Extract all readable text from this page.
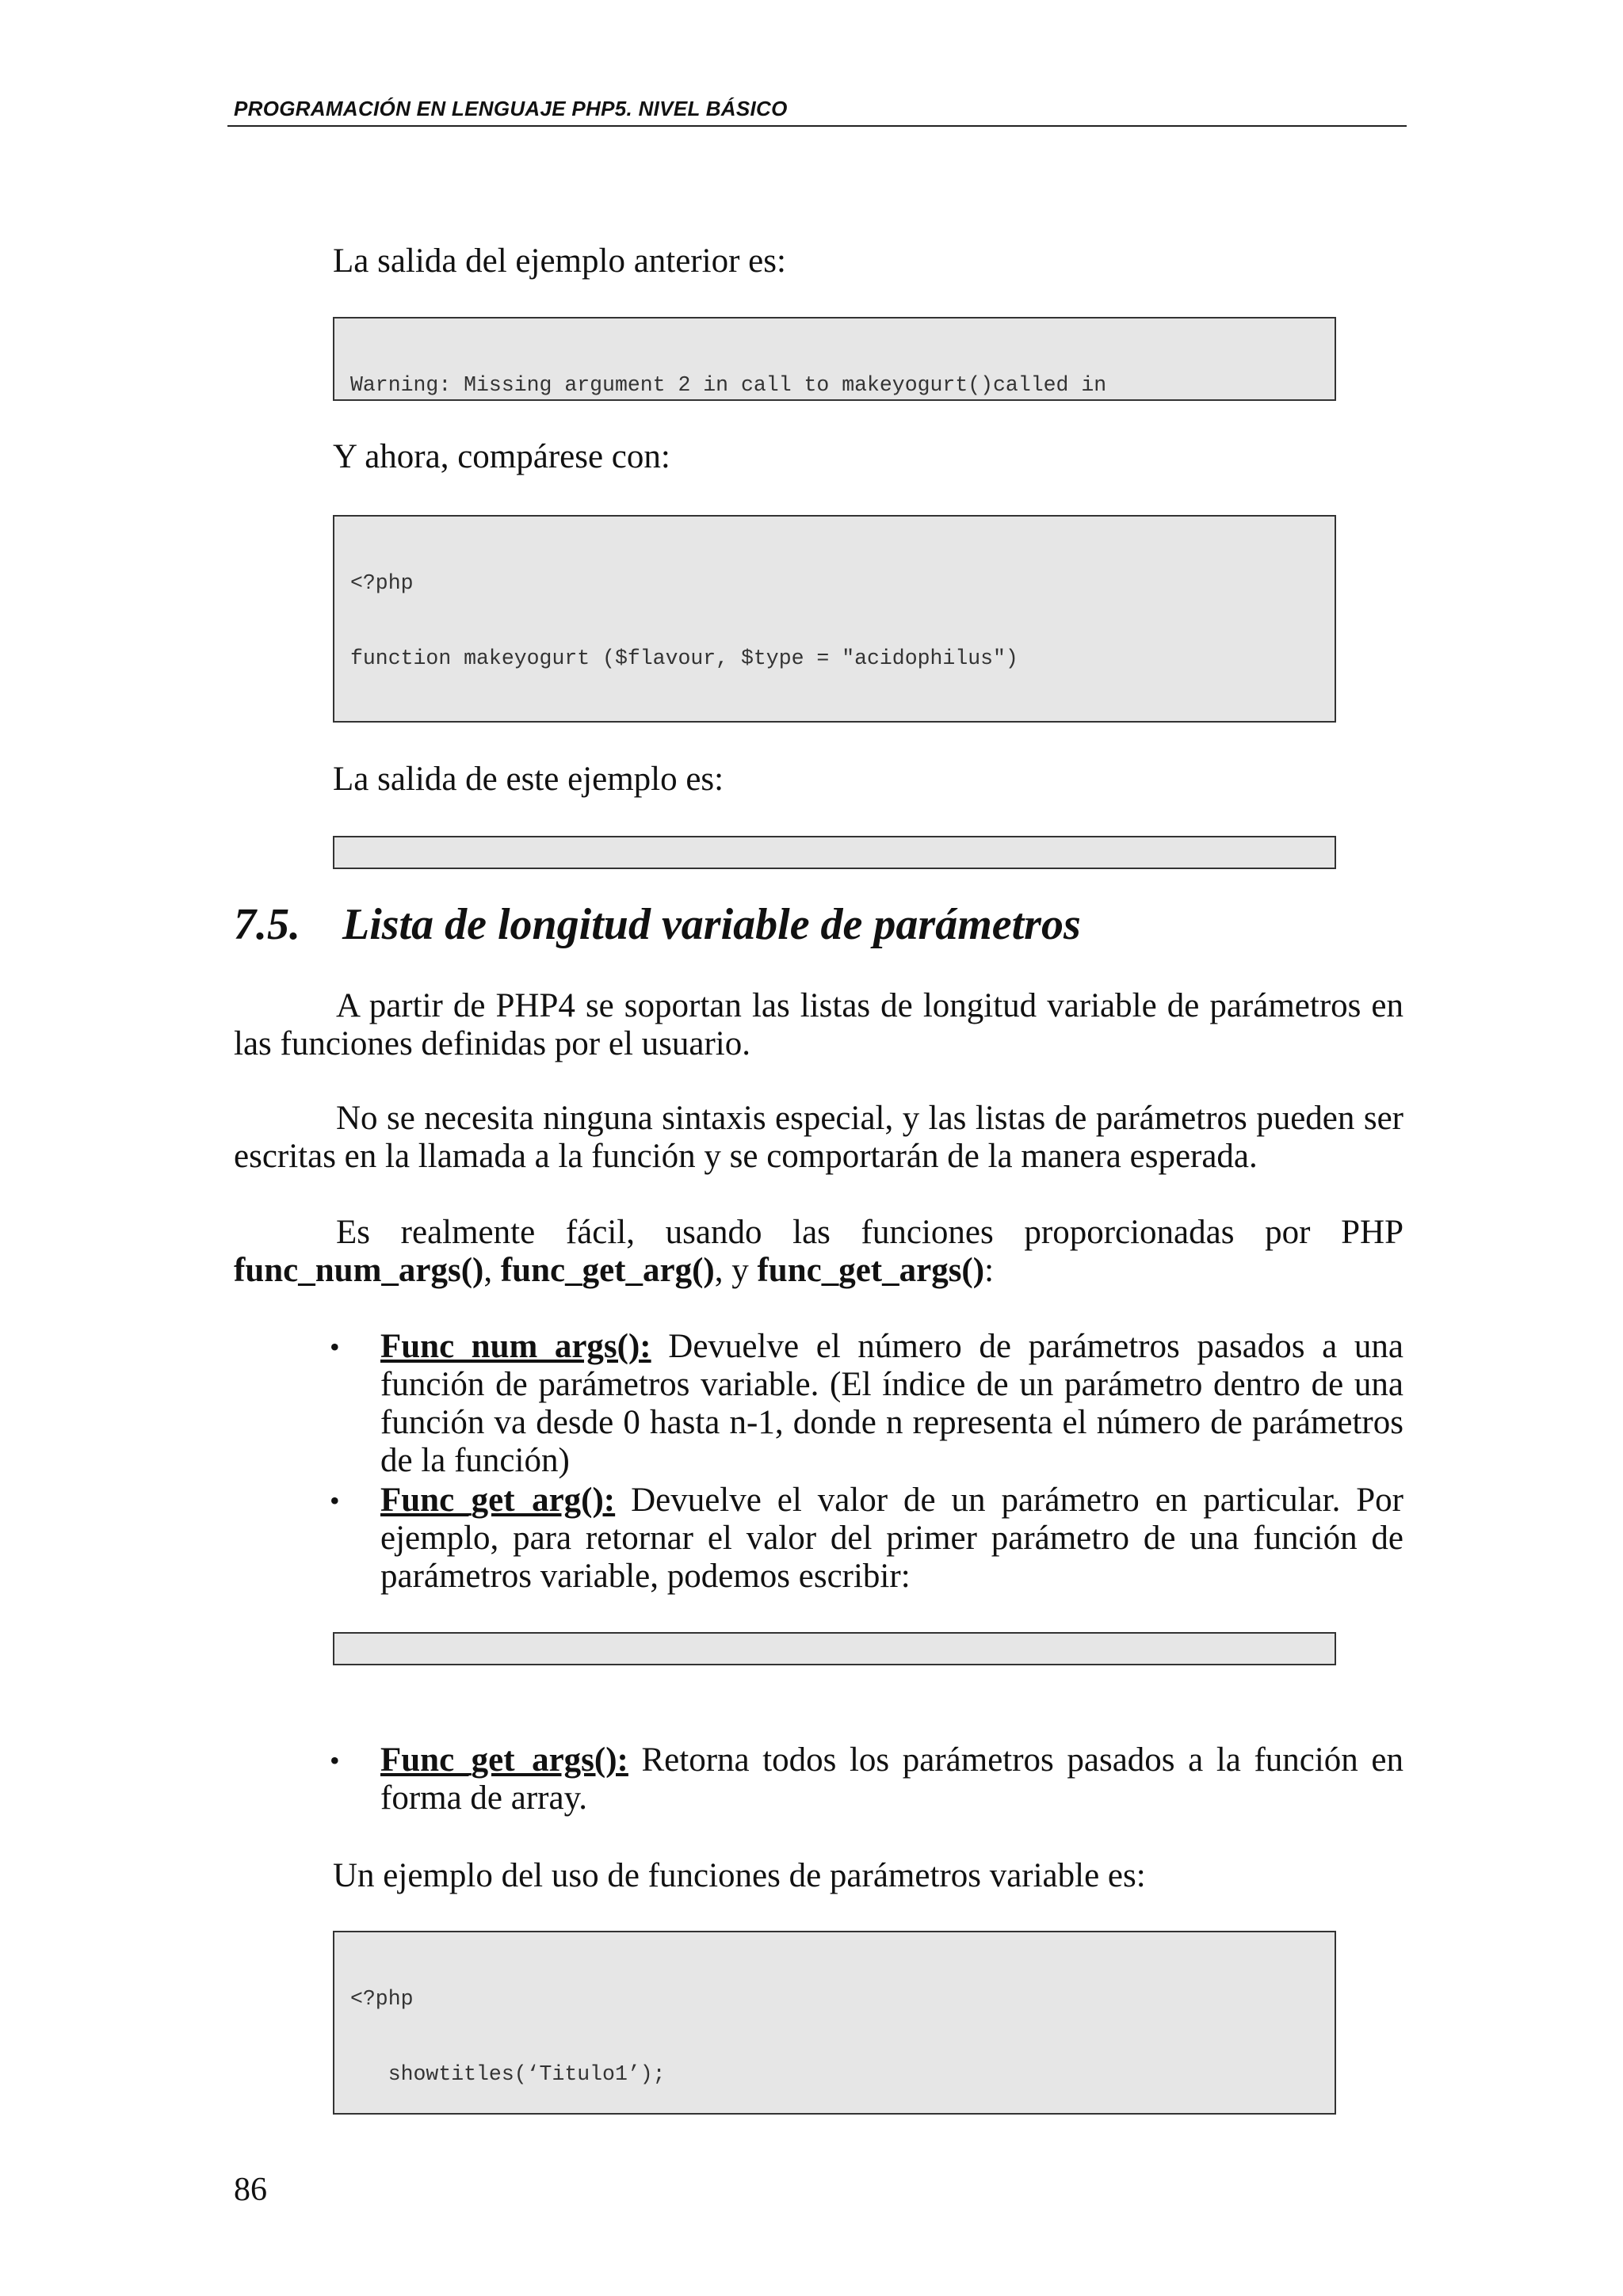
PROGRAMACIÓN EN LENGUAJE PHP5. NIVEL BÁSICO
La salida del ejemplo anterior es:

Warning: Missing argument 2 in call to makeyogurt()called in

Y ahora, compárese con:

<?php

function makeyogurt ($flavour, $type = "acidophilus")

La salida de este ejemplo es:

7.5. Lista de longitud variable de parámetros
A partir de PHP4 se soportan las listas de longitud variable de parámetros en las funciones definidas por el usuario.
No se necesita ninguna sintaxis especial, y las listas de parámetros pueden ser escritas en la llamada a la función y se comportarán de la manera esperada.
Es realmente fácil, usando las funciones proporcionadas por PHP
func_num_args(), func_get_arg(), y func_get_args():
•	Func_num_args(): Devuelve el número de parámetros pasados a una función de parámetros variable. (El índice de un parámetro dentro de una función va desde 0 hasta n-1, donde n representa el número de parámetros de la función)
•	Func_get_arg(): Devuelve el valor de un parámetro en particular. Por ejemplo, para retornar el valor del primer parámetro de una función de parámetros variable, podemos escribir:

•	Func_get_args(): Retorna todos los parámetros pasados a la función en forma de array.
Un ejemplo del uso de funciones de parámetros variable es:

<?php

showtitles(‘Titulo1’);

86
